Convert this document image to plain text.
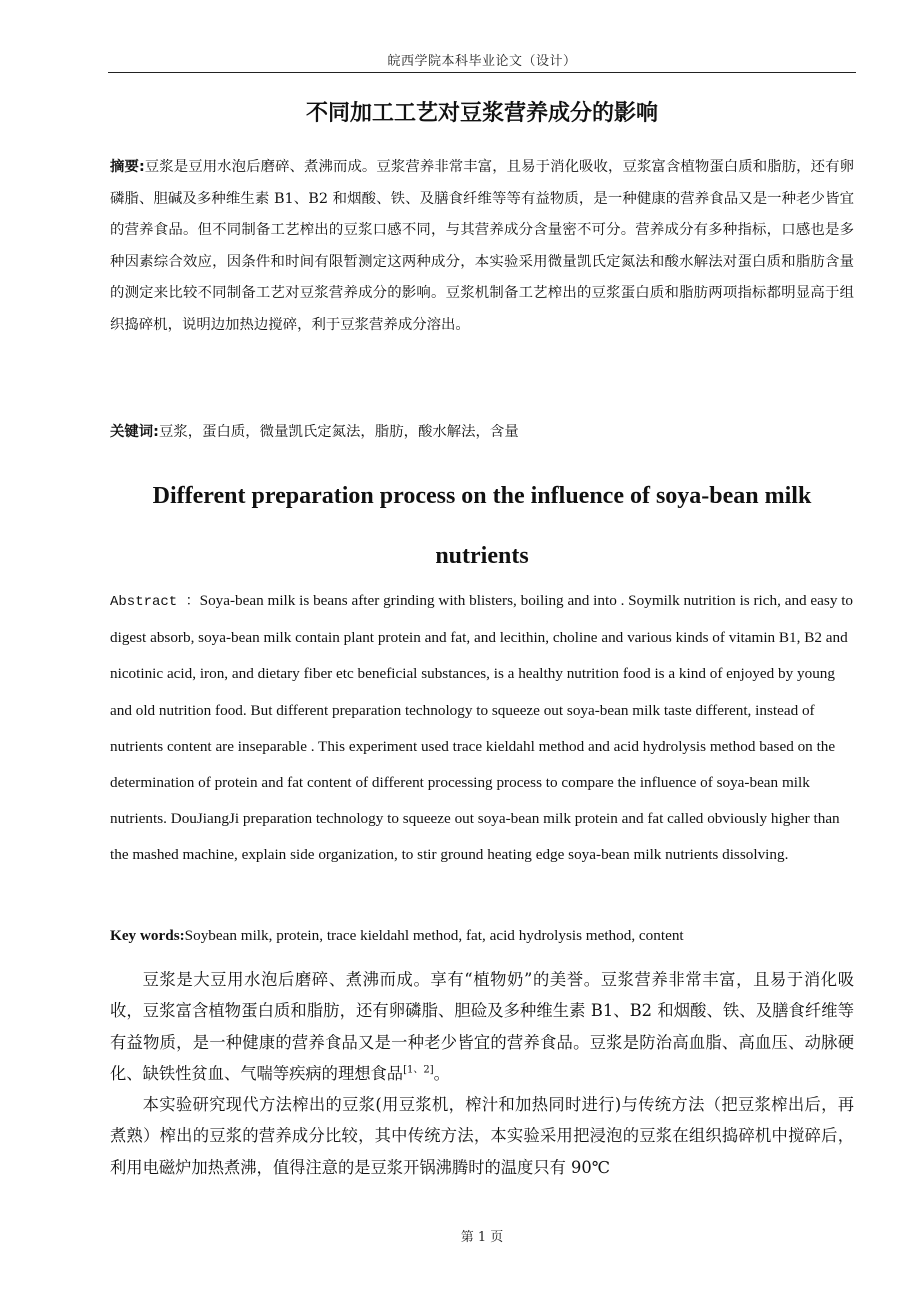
皖西学院本科毕业论文（设计）
不同加工工艺对豆浆营养成分的影响
摘要:豆浆是豆用水泡后磨碎、煮沸而成。豆浆营养非常丰富，且易于消化吸收，豆浆富含植物蛋白质和脂肪，还有卵磷脂、胆碱及多种维生素 B1、B2 和烟酸、铁、及膳食纤维等等有益物质，是一种健康的营养食品又是一种老少皆宜的营养食品。但不同制备工艺榨出的豆浆口感不同，与其营养成分含量密不可分。营养成分有多种指标，口感也是多种因素综合效应，因条件和时间有限暂测定这两种成分，本实验采用微量凯氏定氮法和酸水解法对蛋白质和脂肪含量的测定来比较不同制备工艺对豆浆营养成分的影响。豆浆机制备工艺榨出的豆浆蛋白质和脂肪两项指标都明显高于组织捣碎机，说明边加热边搅碎，利于豆浆营养成分溶出。
关键词:豆浆，蛋白质，微量凯氏定氮法，脂肪，酸水解法，含量
Different preparation process on the influence of soya-bean milk nutrients
Abstract ：Soya-bean milk is beans after grinding with blisters, boiling and into . Soymilk nutrition is rich, and easy to digest absorb, soya-bean milk contain plant protein and fat, and lecithin, choline and various kinds of vitamin B1, B2 and nicotinic acid, iron, and dietary fiber etc beneficial substances, is a healthy nutrition food is a kind of enjoyed by young and old nutrition food. But different preparation technology to squeeze out soya-bean milk taste different, instead of nutrients content are inseparable . This experiment used trace kieldahl method and acid hydrolysis method based on the determination of protein and fat content of different processing process to compare the influence of soya-bean milk nutrients. DouJiangJi preparation technology to squeeze out soya-bean milk protein and fat called obviously higher than the mashed machine, explain side organization, to stir ground heating edge soya-bean milk nutrients dissolving.
Key words:Soybean milk, protein, trace kieldahl method, fat, acid hydrolysis method, content

豆浆是大豆用水泡后磨碎、煮沸而成。享有“植物奶”的美誉。豆浆营养非常丰富，且易于消化吸收，豆浆富含植物蛋白质和脂肪，还有卵磷脂、胆硷及多种维生素 B1、B2 和烟酸、铁、及膳食纤维等有益物质，是一种健康的营养食品又是一种老少皆宜的营养食品。豆浆是防治高血脂、高血压、动脉硬化、缺铁性贫血、气喘等疾病的理想食品[1、2]。

本实验研究现代方法榨出的豆浆(用豆浆机，榨汁和加热同时进行)与传统方法（把豆浆榨出后，再煮熟）榨出的豆浆的营养成分比较，其中传统方法，本实验采用把浸泡的豆浆在组织捣碎机中搅碎后，利用电磁炉加热煮沸，值得注意的是豆浆开锅沸腾时的温度只有 90℃

第 1 页
